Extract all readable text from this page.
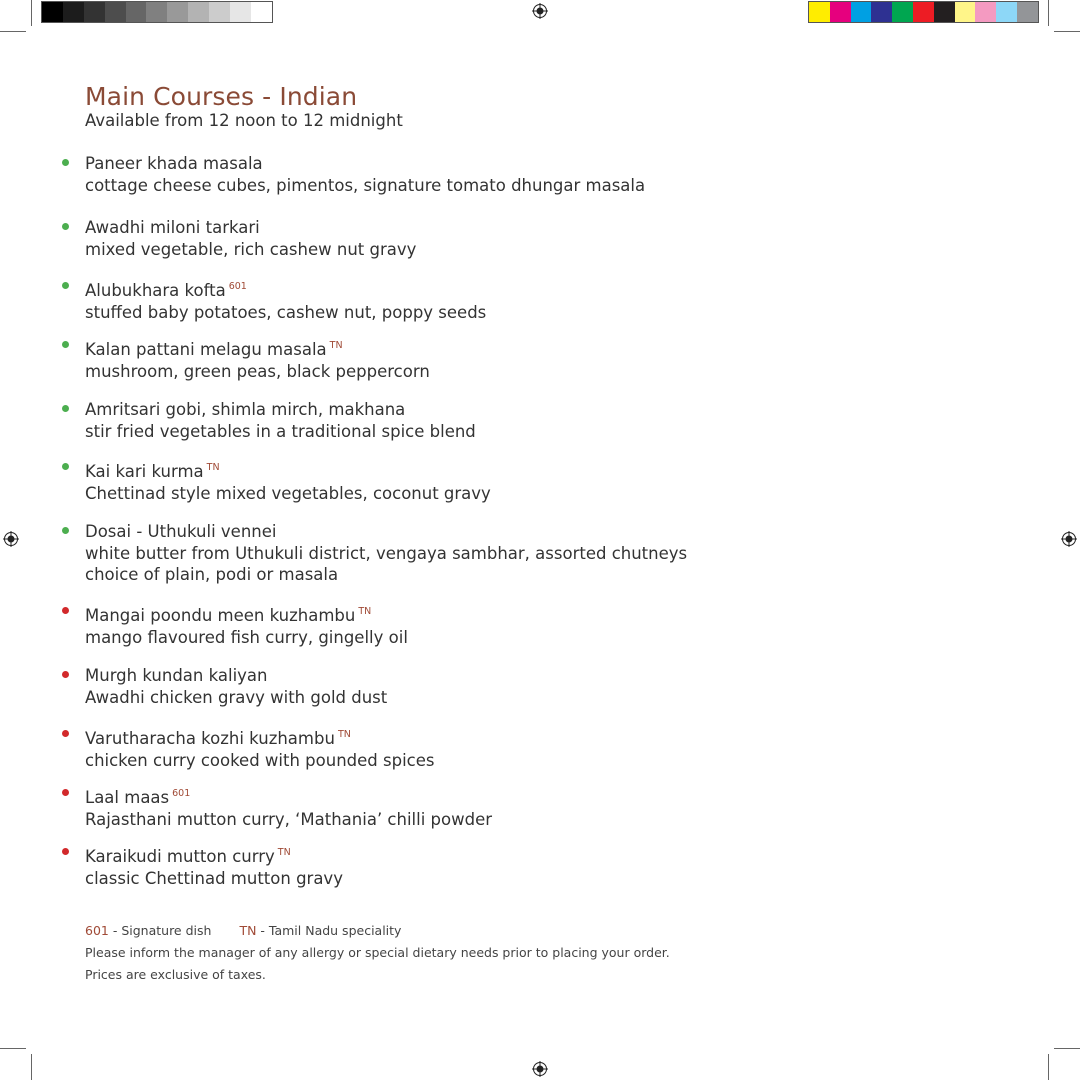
Main Courses - Indian
Available from 12 noon to 12 midnight
Paneer khada masala
cottage cheese cubes, pimentos, signature tomato dhungar masala
Awadhi miloni tarkari
mixed vegetable, rich cashew nut gravy
Alubukhara kofta $^{601}$
stuffed baby potatoes, cashew nut, poppy seeds
Kalan pattani melagu masala $^{TN}$
mushroom, green peas, black peppercorn
Amritsari gobi, shimla mirch, makhana
stir fried vegetables in a traditional spice blend
Kai kari kurma $^{TN}$
Chettinad style mixed vegetables, coconut gravy
Dosai - Uthukuli vennei
white butter from Uthukuli district, vengaya sambhar, assorted chutneys
choice of plain, podi or masala
Mangai poondu meen kuzhambu $^{TN}$
mango flavoured fish curry, gingelly oil
Murgh kundan kaliyan
Awadhi chicken gravy with gold dust
Varutharacha kozhi kuzhambu $^{TN}$
chicken curry cooked with pounded spices
Laal maas $^{601}$
Rajasthani mutton curry, ‘Mathania’ chilli powder
Karaikudi mutton curry $^{TN}$
classic Chettinad mutton gravy
601 - Signature dish TN - Tamil Nadu speciality
Please inform the manager of any allergy or special dietary needs prior to placing your order.
Prices are exclusive of taxes.
